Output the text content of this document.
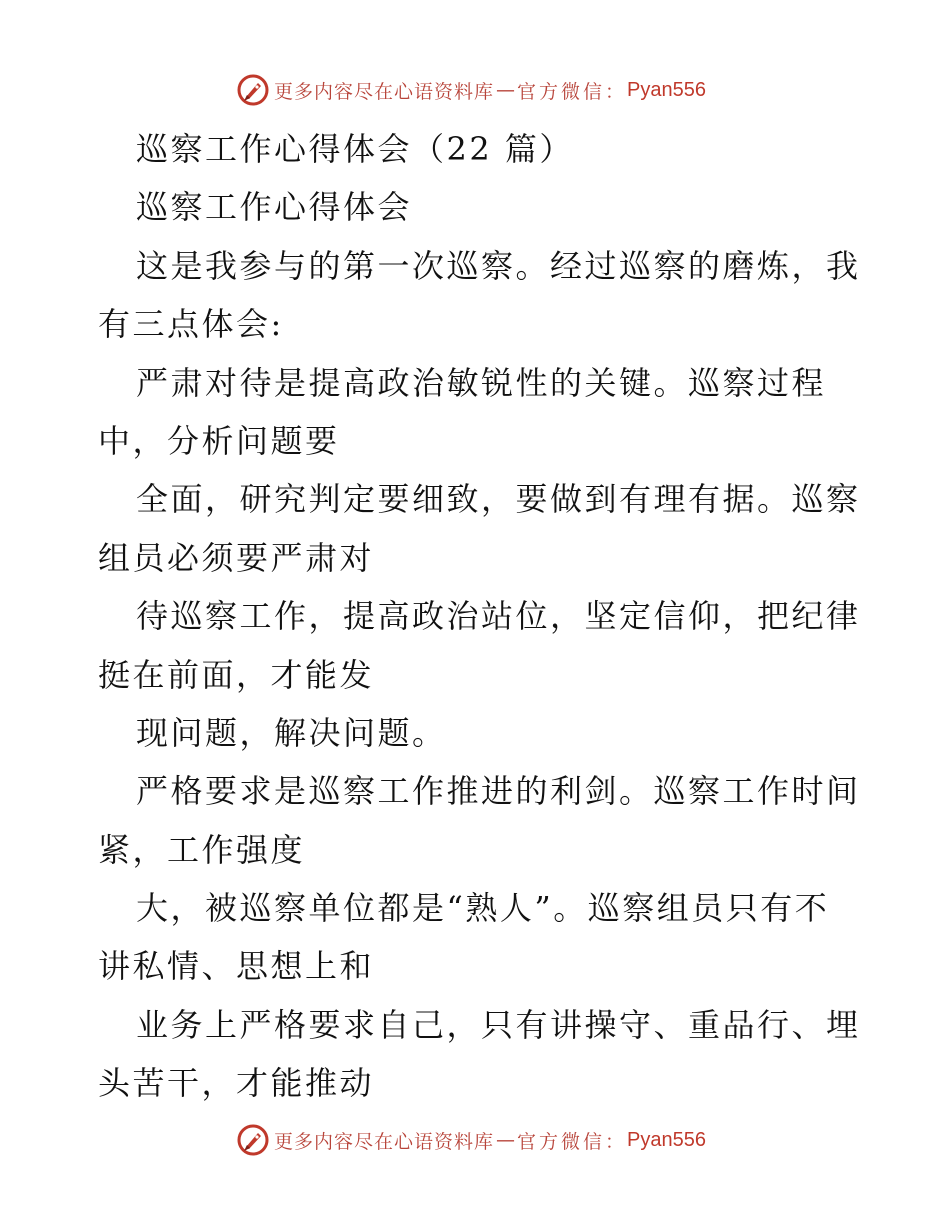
更多内容尽在心语资料库 — 官方微信： Pyan556
巡察工作心得体会（22 篇）
巡察工作心得体会
这是我参与的第一次巡察。经过巡察的磨炼，我
有三点体会:
严肃对待是提高政治敏锐性的关键。巡察过程
中，分析问题要
全面，研究判定要细致，要做到有理有据。巡察
组员必须要严肃对
待巡察工作，提高政治站位，坚定信仰，把纪律
挺在前面，才能发
现问题，解决问题。
严格要求是巡察工作推进的利剑。巡察工作时间
紧，工作强度
大，被巡察单位都是“熟人”。巡察组员只有不
讲私情、思想上和
业务上严格要求自己，只有讲操守、重品行、埋
头苦干，才能推动
更多内容尽在心语资料库 — 官方微信： Pyan556
